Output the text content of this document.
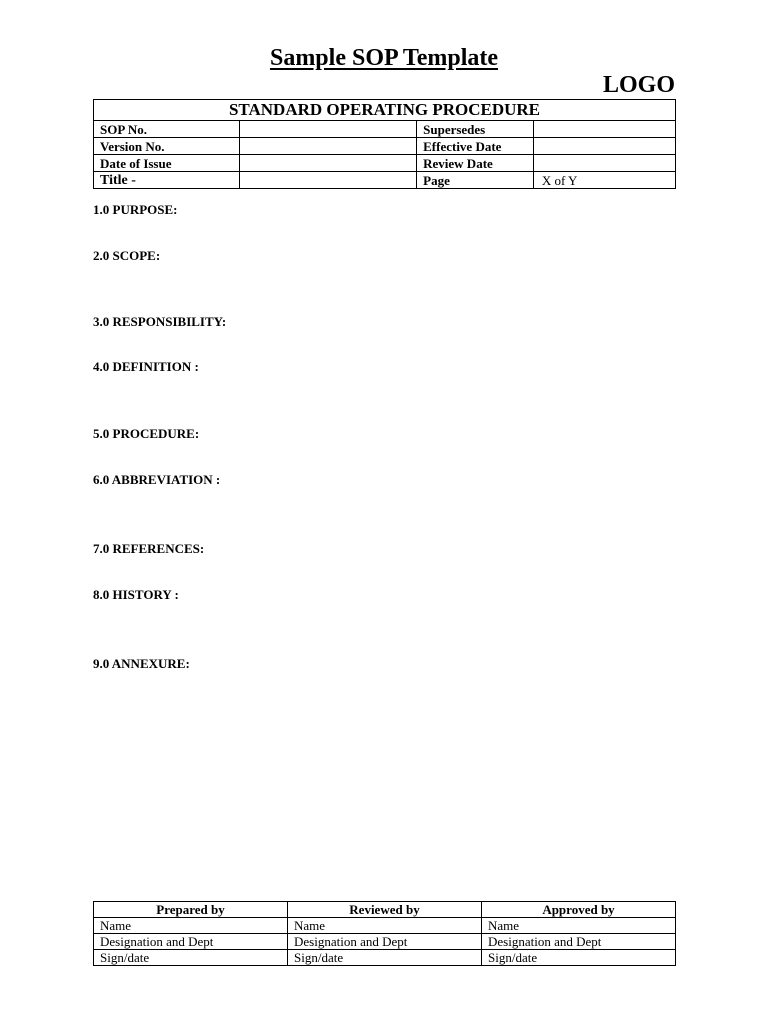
Sample SOP Template
LOGO
STANDARD OPERATING PROCEDURE			
SOP No.		Supersedes	
Version No.		Effective Date	
Date of Issue		Review Date	
Title -		Page	X of Y
1.0 PURPOSE:
2.0 SCOPE:
3.0 RESPONSIBILITY:
4.0 DEFINITION :
5.0 PROCEDURE:
6.0 ABBREVIATION :
7.0 REFERENCES:
8.0 HISTORY :
9.0 ANNEXURE:
Prepared by	Reviewed by	Approved by
Name	Name	Name
Designation and Dept	Designation and Dept	Designation and Dept
Sign/date	Sign/date	Sign/date
